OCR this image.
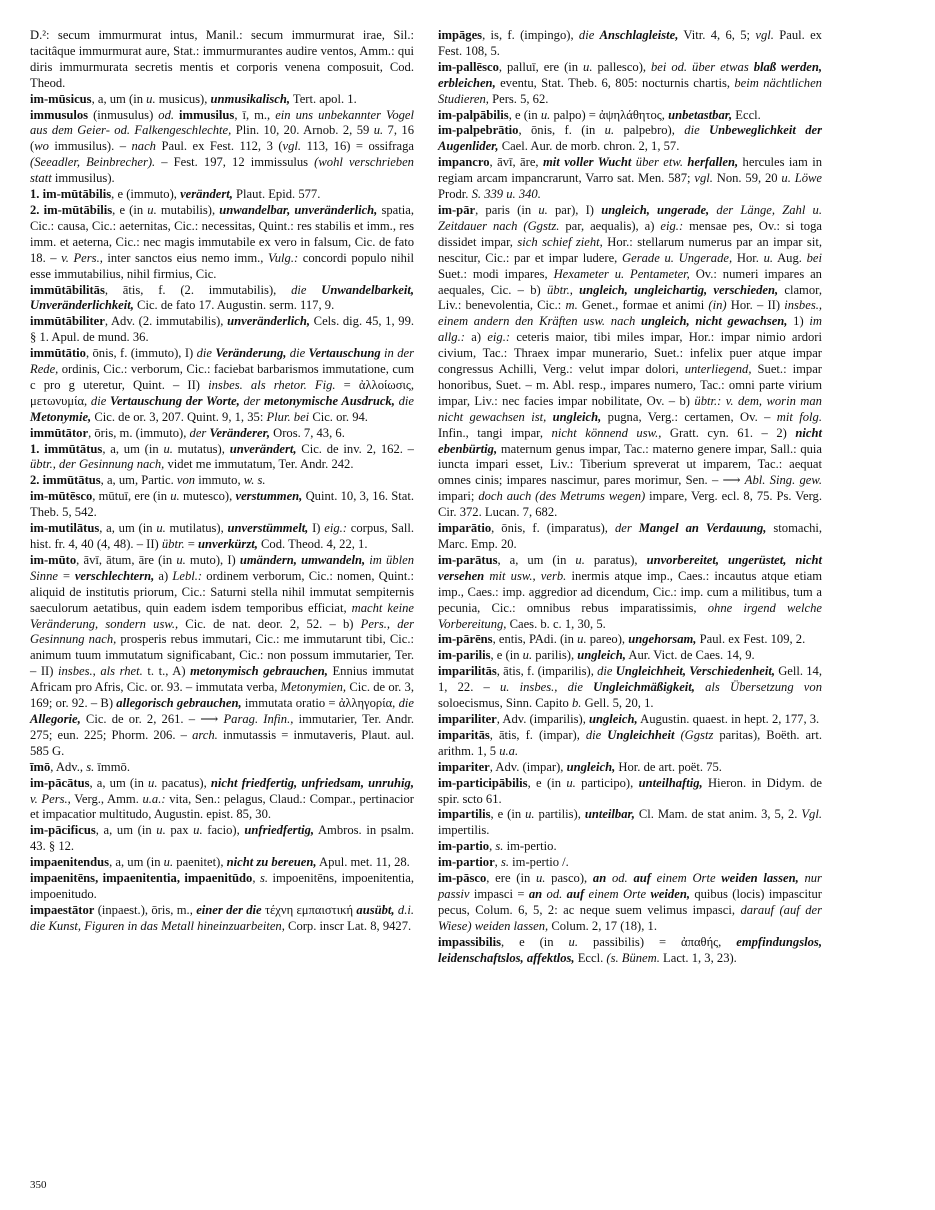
D.²: secum immurmurat intus, Manil.: secum immurmurat irae, Sil.: tacitâque immurmurat aure, Stat.: immurmurantes audire ventos, Amm.: qui diris immurmurata secretis mentis et corporis venena composuit, Cod. Theod.

im-mūsicus, a, um (in u. musicus), unmusikalisch, Tert. apol. 1.

immusulos (inmusulus) od. immusilus, ī, m., ein uns unbekannter Vogel aus dem Geier- od. Falkengeschlechte, Plin. 10, 20. Arnob. 2, 59 u. 7, 16 (wo immusilus). – nach Paul. ex Fest. 112, 3 (vgl. 113, 16) = ossifraga (Seeadler, Beinbrecher). – Fest. 197, 12 immissulus (wohl verschrieben statt immusilus).

1. im-mūtābilis, e (immuto), verändert, Plaut. Epid. 577.

2. im-mūtābilis, e (in u. mutabilis), unwandelbar, unveränderlich, spatia, Cic.: causa, Cic.: aeternitas, Cic.: necessitas, Quint.: res stabilis et imm., res imm. et aeterna, Cic.: nec magis immutabile ex vero in falsum, Cic. de fato 18. – v. Pers., inter sanctos eius nemo imm., Vulg.: concordi populo nihil esse immutabilius, nihil firmius, Cic.

immūtābilitās, ātis, f. (2. immutabilis), die Unwandelbarkeit, Unveränderlichkeit, Cic. de fato 17. Augustin. serm. 117, 9.

immūtābiliter, Adv. (2. immutabilis), unveränderlich, Cels. dig. 45, 1, 99. § 1. Apul. de mund. 36.

immūtātio, ōnis, f. (immuto), I) die Veränderung, die Vertauschung in der Rede, ordinis, Cic.: verborum, Cic.: faciebat barbarismos immutatione, cum c pro g uteretur, Quint. – II) insbes. als rhetor. Fig. = ἀλλοίωσις, μετωνυμία, die Vertauschung der Worte, der metonymische Ausdruck, die Metonymie, Cic. de or. 3, 207. Quint. 9, 1, 35: Plur. bei Cic. or. 94.

immūtātor, ōris, m. (immuto), der Veränderer, Oros. 7, 43, 6.

1. immūtātus, a, um (in u. mutatus), unverändert, Cic. de inv. 2, 162. – übtr., der Gesinnung nach, videt me immutatum, Ter. Andr. 242.

2. immūtātus, a, um, Partic. von immuto, w. s.

im-mūtēsco, mūtuī, ere (in u. mutesco), verstummen, Quint. 10, 3, 16. Stat. Theb. 5, 542.

im-mutilātus, a, um (in u. mutilatus), unverstümmelt, I) eig.: corpus, Sall. hist. fr. 4, 40 (4, 48). – II) übtr. = unverkürzt, Cod. Theod. 4, 22, 1.

im-mūto, āvī, ātum, āre (in u. muto), I) umändern, umwandeln, im üblen Sinne = verschlechtern, a) Lebl.: ordinem verborum, Cic.: nomen, Quint.: aliquid de institutis priorum, Cic.: Saturni stella nihil immutat sempiternis saeculorum aetatibus, quin eadem isdem temporibus efficiat, macht keine Veränderung, sondern usw., Cic. de nat. deor. 2, 52. – b) Pers., der Gesinnung nach, prosperis rebus immutari, Cic.: me immutarunt tibi, Cic.: animum tuum immutatum significabant, Cic.: non possum immutarier, Ter. – II) insbes., als rhet. t. t., A) metonymisch gebrauchen, Ennius immutat Africam pro Afris, Cic. or. 93. – immutata verba, Metonymien, Cic. de or. 3, 169; or. 92. – B) allegorisch gebrauchen, immutata oratio = ἀλληγορία, die Allegorie, Cic. de or. 2, 261. – ⟶ Parag. Infin., immutarier, Ter. Andr. 275; eun. 225; Phorm. 206. – arch. inmutassis = inmutaveris, Plaut. aul. 585 G.

īmō, Adv., s. īmmō.

im-pācātus, a, um (in u. pacatus), nicht friedfertig, unfriedsam, unruhig, v. Pers., Verg., Amm. u.a.: vita, Sen.: pelagus, Claud.: Compar., pertinacior et impacatior multitudo, Augustin. epist. 85, 30.

im-pācificus, a, um (in u. pax u. facio), unfriedfertig, Ambros. in psalm. 43. § 12.

impaenitendus, a, um (in u. paenitet), nicht zu bereuen, Apul. met. 11, 28.

impaenitēns, impaenitentia, impaenitūdo, s. impoenitēns, impoenitentia, impoenitudo.

impaestātor (inpaest.), ōris, m., einer der die τέχνη εμπαιστική ausübt, d.i. die Kunst, Figuren in das Metall hineinzuarbeiten, Corp. inscr Lat. 8, 9427.

impāges, is, f. (impingo), die Anschlagleiste, Vitr. 4, 6, 5; vgl. Paul. ex Fest. 108, 5.

im-pallēsco, palluī, ere (in u. pallesco), bei od. über etwas blaß werden, erbleichen, eventu, Stat. Theb. 6, 805: nocturnis chartis, beim nächtlichen Studieren, Pers. 5, 62.

im-palpābilis, e (in u. palpo) = ἀψηλάθητος, unbetastbar, Eccl.

im-palpebrātio, ōnis, f. (in u. palpebro), die Unbeweglichkeit der Augenlider, Cael. Aur. de morb. chron. 2, 1, 57.

impancro, āvī, āre, mit voller Wucht über etw. herfallen, hercules iam in regiam arcam impancrarunt, Varro sat. Men. 587; vgl. Non. 59, 20 u. Löwe Prodr. S. 339 u. 340.

im-pār, paris (in u. par), I) ungleich, ungerade, der Länge, Zahl u. Zeitdauer nach (Ggstz. par, aequalis), a) eig.: mensae pes, Ov.: si toga dissidet impar, sich schief zieht, Hor.: stellarum numerus par an impar sit, nescitur, Cic.: par et impar ludere, Gerade u. Ungerade, Hor. u. Aug. bei Suet.: modi impares, Hexameter u. Pentameter, Ov.: numeri impares an aequales, Cic. – b) übtr., ungleich, ungleichartig, verschieden, clamor, Liv.: benevolentia, Cic.: m. Genet., formae et animi (in) Hor. – II) insbes., einem andern den Kräften usw. nach ungleich, nicht gewachsen, 1) im allg.: a) eig.: ceteris maior, tibi miles impar, Hor.: impar nimio ardori civium, Tac.: Thraex impar munerario, Suet.: infelix puer atque impar congressus Achilli, Verg.: velut impar dolori, unterliegend, Suet.: impar honoribus, Suet. – m. Abl. resp., impares numero, Tac.: omni parte virium impar, Liv.: nec facies impar nobilitate, Ov. – b) übtr.: v. dem, worin man nicht gewachsen ist, ungleich, pugna, Verg.: certamen, Ov. – mit folg. Infin., tangi impar, nicht könnend usw., Gratt. cyn. 61. – 2) nicht ebenbürtig, maternum genus impar, Tac.: materno genere impar, Sall.: quia iuncta impari esset, Liv.: Tiberium spreverat ut imparem, Tac.: aequat omnes cinis; impares nascimur, pares morimur, Sen. – ⟶ Abl. Sing. gew. impari; doch auch (des Metrums wegen) impare, Verg. ecl. 8, 75. Ps. Verg. Cir. 372. Lucan. 7, 682.

imparātio, ōnis, f. (imparatus), der Mangel an Verdauung, stomachi, Marc. Emp. 20.

im-parātus, a, um (in u. paratus), unvorbereitet, ungerüstet, nicht versehen mit usw., verb. inermis atque imp., Caes.: incautus atque etiam imp., Caes.: imp. aggredior ad dicendum, Cic.: imp. cum a militibus, tum a pecunia, Cic.: omnibus rebus imparatissimis, ohne irgend welche Vorbereitung, Caes. b. c. 1, 30, 5.

im-pārēns, entis, PAdi. (in u. pareo), ungehorsam, Paul. ex Fest. 109, 2.

im-parilis, e (in u. parilis), ungleich, Aur. Vict. de Caes. 14, 9.

imparilitās, ātis, f. (imparilis), die Ungleichheit, Verschiedenheit, Gell. 14, 1, 22. – u. insbes., die Ungleichmäßigkeit, als Übersetzung von soloecismus, Sinn. Capito b. Gell. 5, 20, 1.

impariliter, Adv. (imparilis), ungleich, Augustin. quaest. in hept. 2, 177, 3.

imparitās, ātis, f. (impar), die Ungleichheit (Ggstz paritas), Boëth. art. arithm. 1, 5 u.a.

impariter, Adv. (impar), ungleich, Hor. de art. poët. 75.

im-participābilis, e (in u. participo), unteilhaftig, Hieron. in Didym. de spir. scto 61.

impartilis, e (in u. partilis), unteilbar, Cl. Mam. de stat anim. 3, 5, 2. Vgl. impertilis.

im-partio, s. im-pertio.

im-partior, s. im-pertio /.

im-pāsco, ere (in u. pasco), an od. auf einem Orte weiden lassen, nur passiv impasci = an od. auf einem Orte weiden, quibus (locis) impascitur pecus, Colum. 6, 5, 2: ac neque suem velimus impasci, darauf (auf der Wiese) weiden lassen, Colum. 2, 17 (18), 1.

impassibilis, e (in u. passibilis) = ἀπαθής, empfindungslos, leidenschaftslos, affektlos, Eccl. (s. Bünem. Lact. 1, 3, 23).

350
